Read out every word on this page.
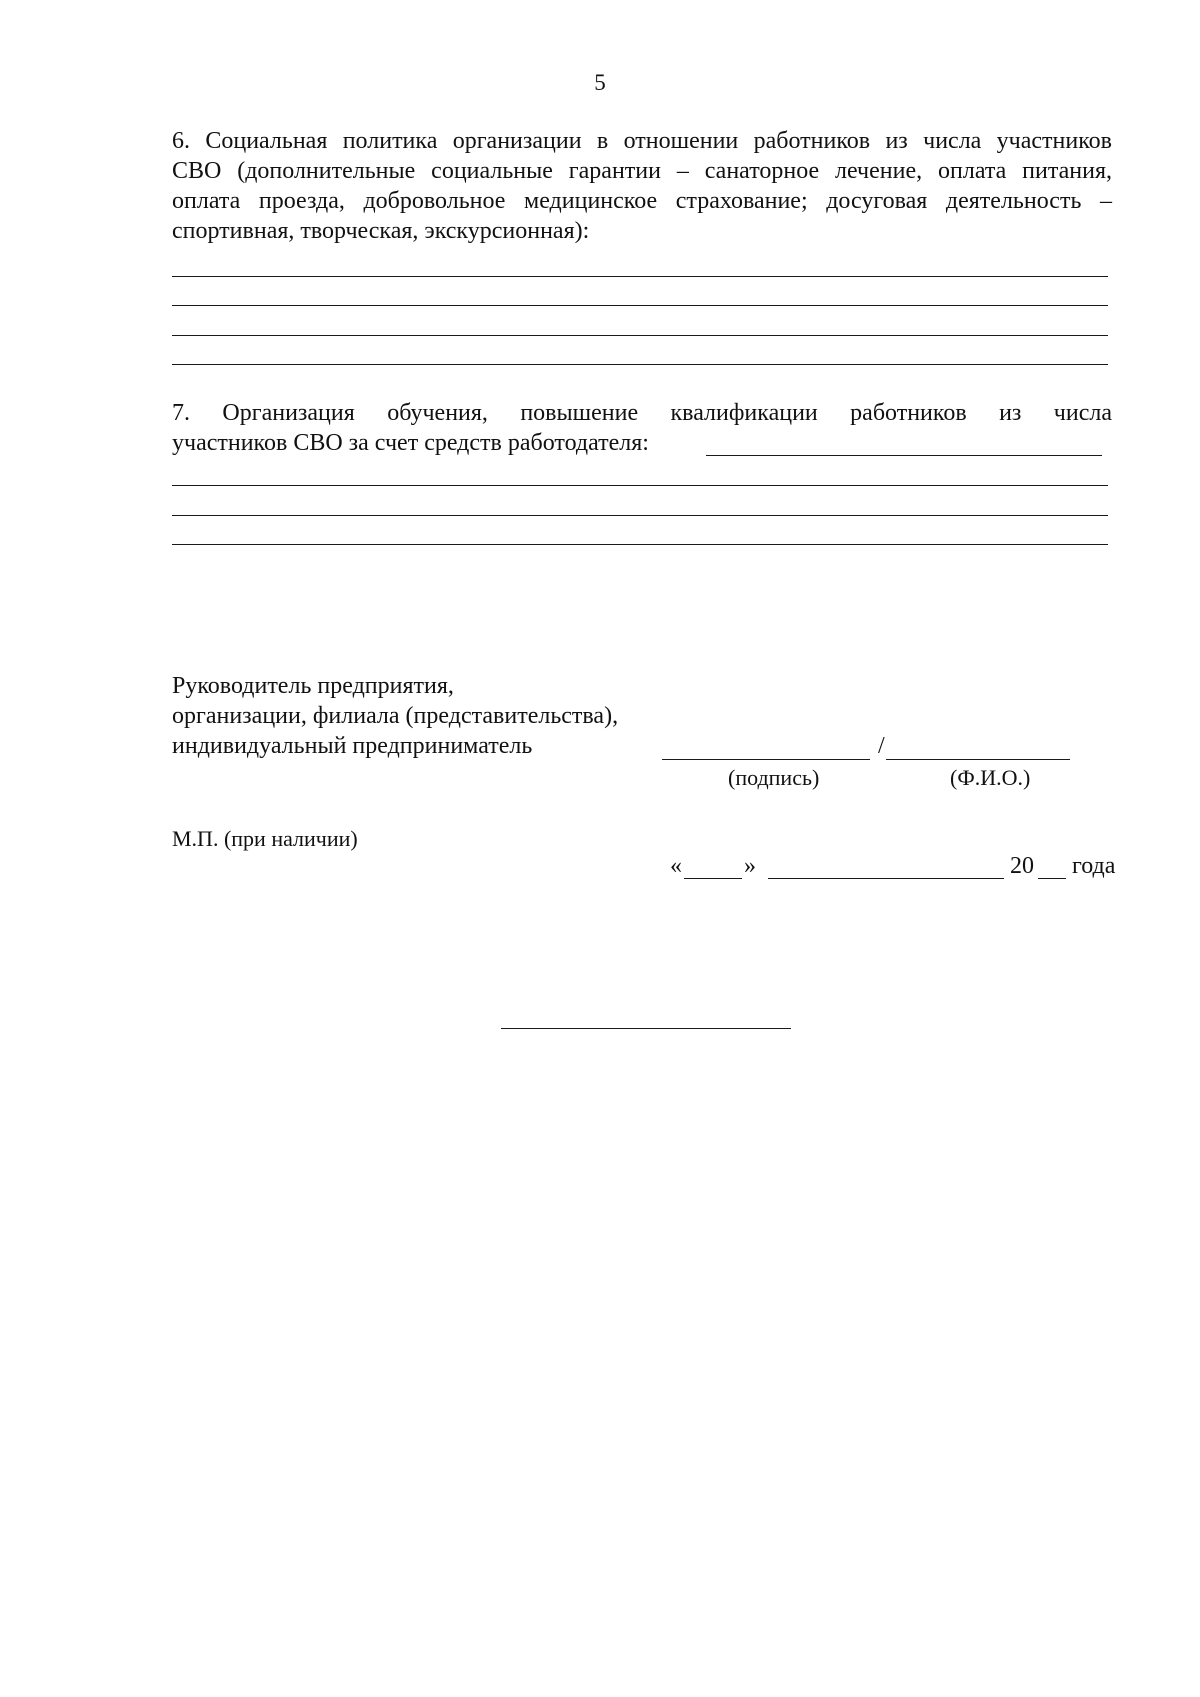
5
6. Социальная политика организации в отношении работников из числа участников
СВО (дополнительные социальные гарантии – санаторное лечение, оплата питания,
оплата проезда, добровольное медицинское страхование; досуговая деятельность –
спортивная, творческая, экскурсионная):
7. Организация обучения, повышение квалификации работников из числа
участников СВО за счет средств работодателя:
Руководитель предприятия,
организации, филиала (представительства),
индивидуальный предприниматель	/
(подпись)	(Ф.И.О.)
М.П. (при наличии)
«	»	20 года
